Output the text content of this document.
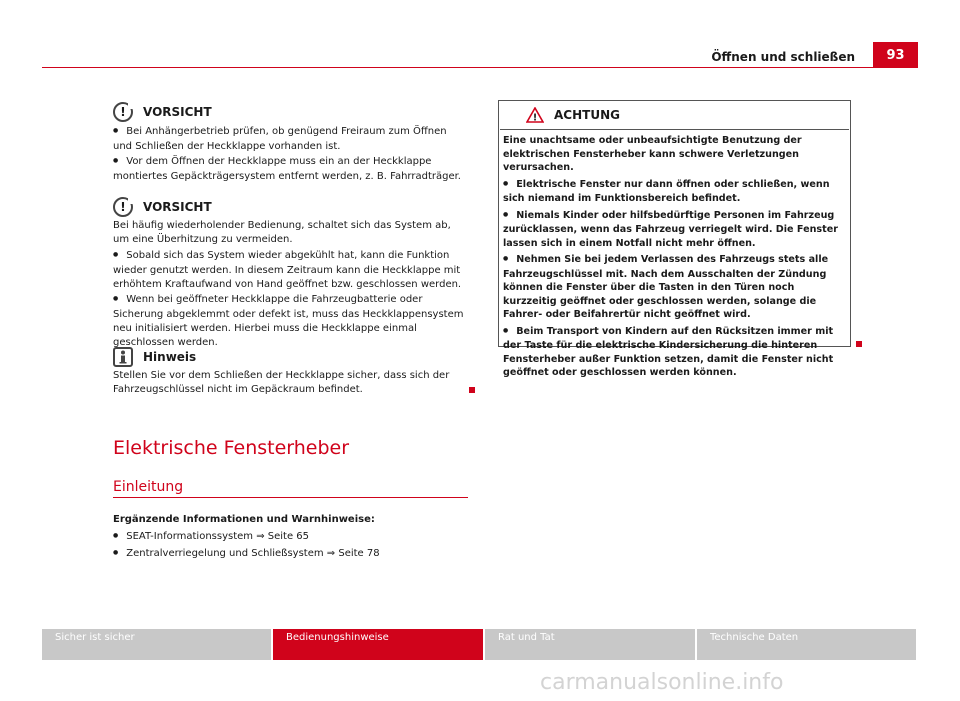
Öffnen und schließen	93
! VORSICHT
● Bei Anhängerbetrieb prüfen, ob genügend Freiraum zum Öffnen und Schließen der Heckklappe vorhanden ist.
● Vor dem Öffnen der Heckklappe muss ein an der Heckklappe montiertes Gepäckträgersystem entfernt werden, z. B. Fahrradträger.
! VORSICHT
Bei häufig wiederholender Bedienung, schaltet sich das System ab, um eine Überhitzung zu vermeiden.
● Sobald sich das System wieder abgekühlt hat, kann die Funktion wieder genutzt werden. In diesem Zeitraum kann die Heckklappe mit erhöhtem Kraftaufwand von Hand geöffnet bzw. geschlossen werden.
● Wenn bei geöffneter Heckklappe die Fahrzeugbatterie oder Sicherung abgeklemmt oder defekt ist, muss das Heckklappensystem neu initialisiert werden. Hierbei muss die Heckklappe einmal geschlossen werden.
Hinweis
Stellen Sie vor dem Schließen der Heckklappe sicher, dass sich der Fahrzeugschlüssel nicht im Gepäckraum befindet.
Elektrische Fensterheber
Einleitung
Ergänzende Informationen und Warnhinweise:
● SEAT-Informationssystem ⇒ Seite 65
● Zentralverriegelung und Schließsystem ⇒ Seite 78
! ACHTUNG

Eine unachtsame oder unbeaufsichtigte Benutzung der elektrischen Fensterheber kann schwere Verletzungen verursachen.

● Elektrische Fenster nur dann öffnen oder schließen, wenn sich niemand im Funktionsbereich befindet.

● Niemals Kinder oder hilfsbedürftige Personen im Fahrzeug zurücklassen, wenn das Fahrzeug verriegelt wird. Die Fenster lassen sich in einem Notfall nicht mehr öffnen.

● Nehmen Sie bei jedem Verlassen des Fahrzeugs stets alle Fahrzeugschlüssel mit. Nach dem Ausschalten der Zündung können die Fenster über die Tasten in den Türen noch kurzzeitig geöffnet oder geschlossen werden, solange die Fahrer- oder Beifahrertür nicht geöffnet wird.

● Beim Transport von Kindern auf den Rücksitzen immer mit der Taste für die elektrische Kindersicherung die hinteren Fensterheber außer Funktion setzen, damit die Fenster nicht geöffnet oder geschlossen werden können.

Sicher ist sicher	Bedienungshinweise	Rat und Tat	Technische Daten
carmanualsonline.info
